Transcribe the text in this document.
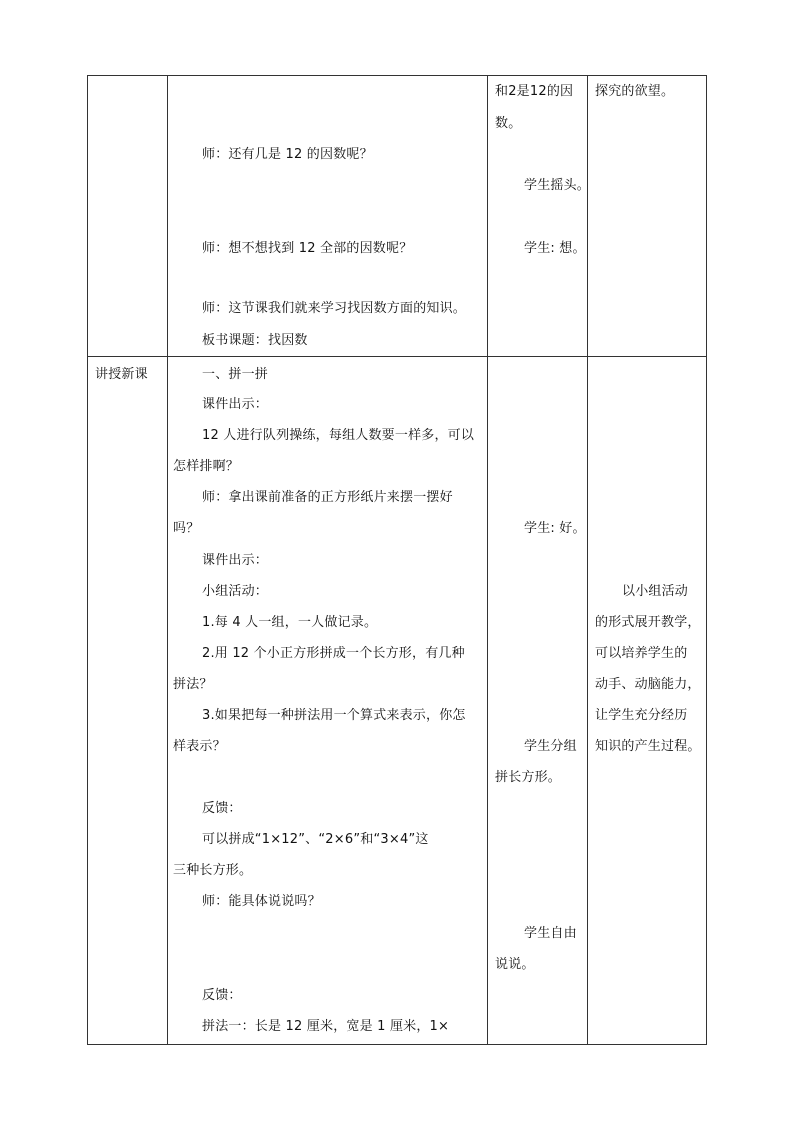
师：还有几是 12 的因数呢？
师：想不想找到 12 全部的因数呢？
师：这节课我们就来学习找因数方面的知识。
板书课题：找因数
和2是12的因
数。
学生摇头。
学生: 想。
探究的欲望。
讲授新课	一、拼一拼
课件出示：
12 人进行队列操练，每组人数要一样多，可以
怎样排啊？
师：拿出课前准备的正方形纸片来摆一摆好
吗？
课件出示：
小组活动：
1.每 4 人一组，一人做记录。
2.用 12 个小正方形拼成一个长方形，有几种
拼法？
3.如果把每一种拼法用一个算式来表示，你怎
样表示？
反馈：
可以拼成“1×12”、“2×6”和“3×4”这
三种长方形。
师：能具体说说吗？
反馈：
拼法一：长是 12 厘米，宽是 1 厘米，1×
学生: 好。
学生分组
拼长方形。
学生自由
说说。
以小组活动
的形式展开教学，
可以培养学生的
动手、动脑能力，
让学生充分经历
知识的产生过程。
